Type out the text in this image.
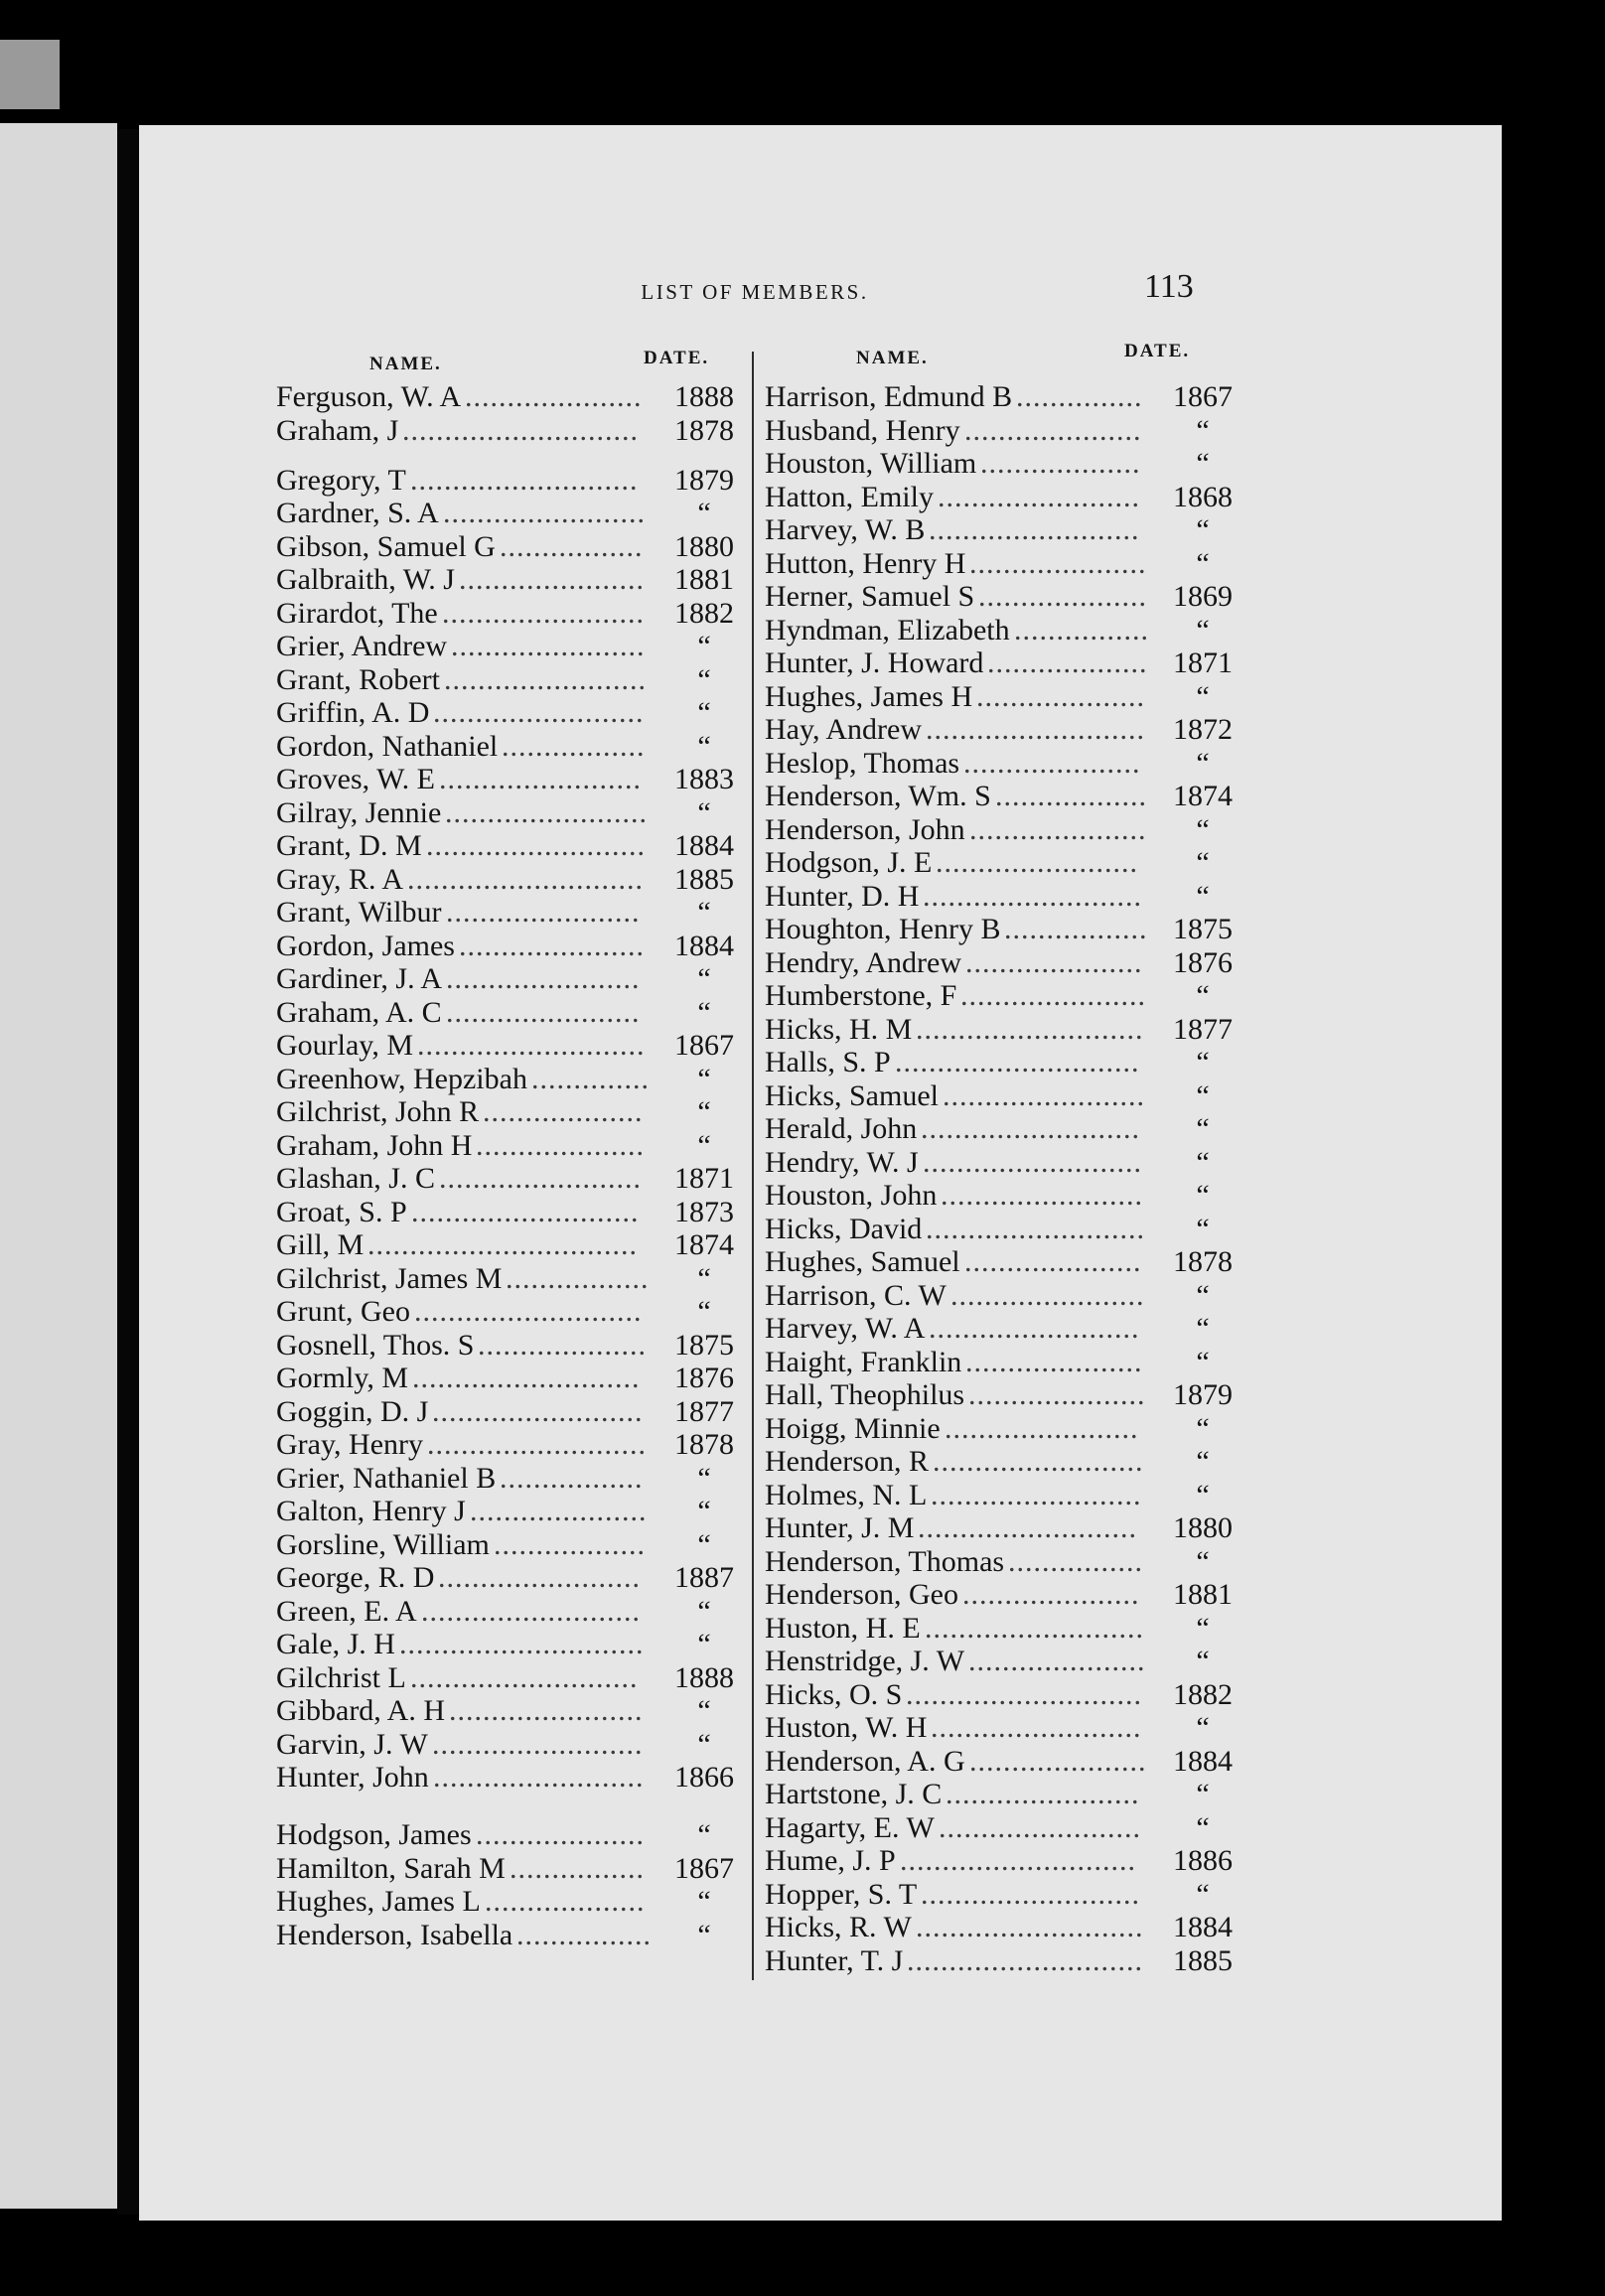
LIST OF MEMBERS.	113
NAME.	DATE.	NAME.	DATE.
Ferguson, W. A .....................	1888
Graham, J ............................	1878
Gregory, T ...........................	1879
Gardner, S. A ........................	“
Gibson, Samuel G .................	1880
Galbraith, W. J ......................	1881
Girardot, The ........................	1882
Grier, Andrew .......................	“
Grant, Robert ........................	“
Griffin, A. D .........................	“
Gordon, Nathaniel .................	“
Groves, W. E ........................	1883
Gilray, Jennie ........................	“
Grant, D. M .......................... 1884
Gray, R. A ............................	1885
Grant, Wilbur .......................	“
Gordon, James ......................	1884
Gardiner, J. A .......................	“
Graham, A. C .......................	“
Gourlay, M ........................... 1867
Greenhow, Hepzibah ..............	“
Gilchrist, John R ...................	“
Graham, John H ....................	“
Glashan, J. C ........................	1871
Groat, S. P ...........................	1873
Gill, M ................................	1874
Gilchrist, James M .................	“
Grunt, Geo ...........................	“
Gosnell, Thos. S .................... 1875
Gormly, M ...........................	1876
Goggin, D. J .........................	1877
Gray, Henry .......................... 1878
Grier, Nathaniel B .................	“
Galton, Henry J .....................	“
Gorsline, William ..................	“
George, R. D ........................	1887
Green, E. A ..........................	“
Gale, J. H .............................	“
Gilchrist L ...........................	1888
Gibbard, A. H .......................	“
Garvin, J. W .........................	“
Hunter, John .........................	1866
Hodgson, James ....................	“
Hamilton, Sarah M ................	1867
Hughes, James L ...................	“
Henderson, Isabella ................	“
Harrison, Edmund B ...............	1867
Husband, Henry .....................	“
Houston, William ...................	“
Hatton, Emily ........................	1868
Harvey, W. B .........................	“
Hutton, Henry H .....................	“
Herner, Samuel S .................... 1869
Hyndman, Elizabeth ................	“
Hunter, J. Howard ................... 1871
Hughes, James H ....................	“
Hay, Andrew .......................... 1872
Heslop, Thomas .....................	“
Henderson, Wm. S .................. 1874
Henderson, John .....................	“
Hodgson, J. E ........................	“
Hunter, D. H ..........................	“
Houghton, Henry B ................. 1875
Hendry, Andrew .....................	1876
Humberstone, F ......................	“
Hicks, H. M ........................... 1877
Halls, S. P .............................	“
Hicks, Samuel ........................	“
Herald, John ..........................	“
Hendry, W. J ..........................	“
Houston, John ........................	“
Hicks, David ..........................	“
Hughes, Samuel .....................	1878
Harrison, C. W .......................	“
Harvey, W. A .........................	“
Haight, Franklin .....................	“
Hall, Theophilus ..................... 1879
Hoigg, Minnie .......................	“
Henderson, R .........................	“
Holmes, N. L .........................	“
Hunter, J. M ..........................	1880
Henderson, Thomas ................	“
Henderson, Geo .....................	1881
Huston, H. E ..........................	“
Henstridge, J. W .....................	“
Hicks, O. S ............................	1882
Huston, W. H .........................	“
Henderson, A. G ..................... 1884
Hartstone, J. C .......................	“
Hagarty, E. W ........................	“
Hume, J. P ............................	1886
Hopper, S. T ..........................	“
Hicks, R. W ........................... 1884
Hunter, T. J ............................	1885
